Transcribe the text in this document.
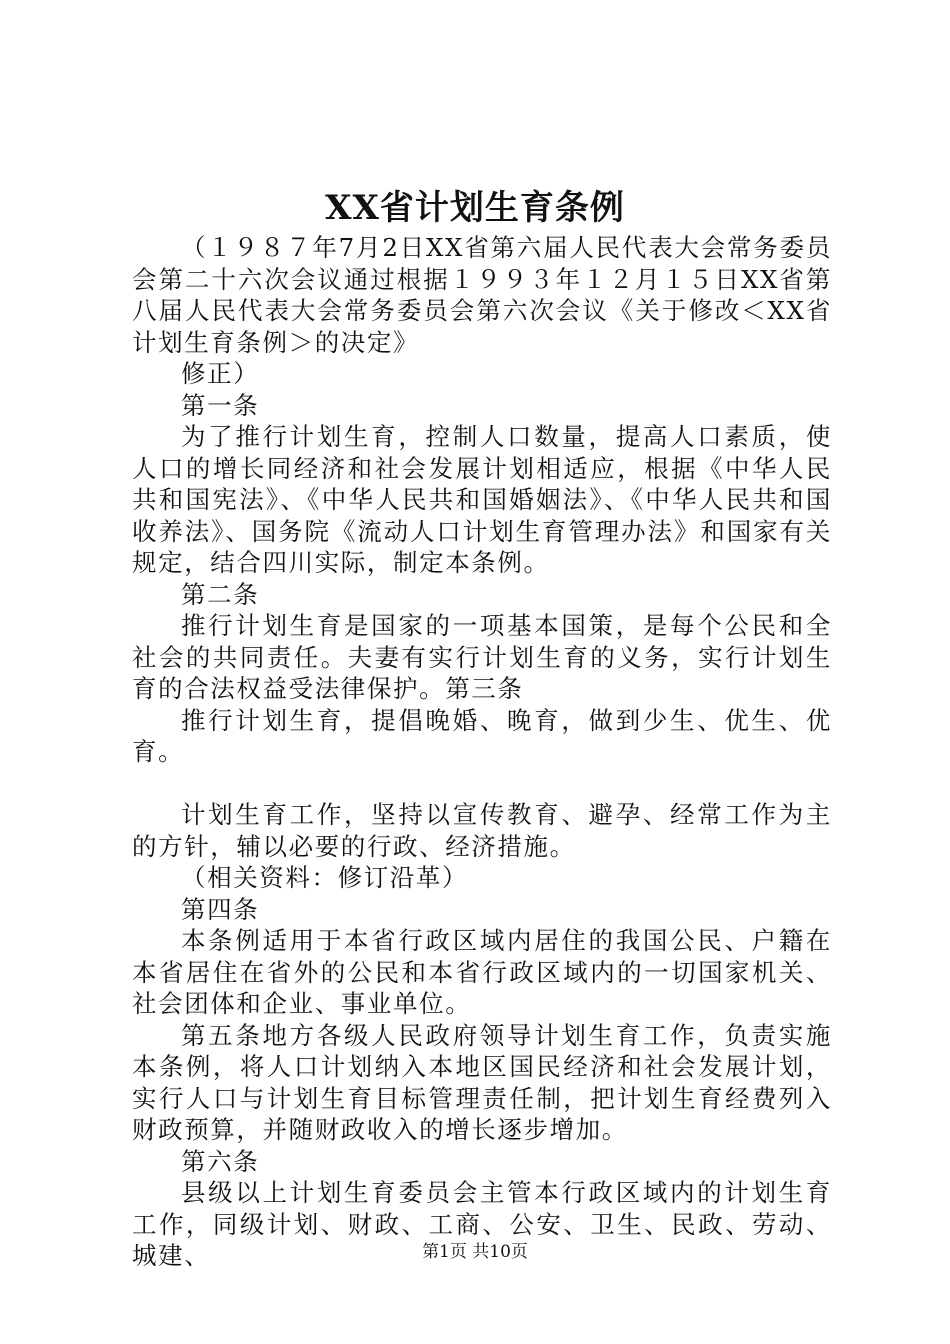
XX省计划生育条例

（１９８７年7月2日XX省第六届人民代表大会常务委员会第二十六次会议通过根据１９９３年１２月１５日XX省第八届人民代表大会常务委员会第六次会议《关于修改＜XX省计划生育条例＞的决定》

修正）

第一条

为了推行计划生育，控制人口数量，提高人口素质，使人口的增长同经济和社会发展计划相适应，根据《中华人民共和国宪法》、《中华人民共和国婚姻法》、《中华人民共和国收养法》、国务院《流动人口计划生育管理办法》和国家有关规定，结合四川实际，制定本条例。

第二条

推行计划生育是国家的一项基本国策，是每个公民和全社会的共同责任。夫妻有实行计划生育的义务，实行计划生育的合法权益受法律保护。第三条

推行计划生育，提倡晚婚、晚育，做到少生、优生、优育。

计划生育工作，坚持以宣传教育、避孕、经常工作为主的方针，辅以必要的行政、经济措施。

（相关资料：修订沿革）

第四条

本条例适用于本省行政区域内居住的我国公民、户籍在本省居住在省外的公民和本省行政区域内的一切国家机关、社会团体和企业、事业单位。

第五条地方各级人民政府领导计划生育工作，负责实施本条例，将人口计划纳入本地区国民经济和社会发展计划，实行人口与计划生育目标管理责任制，把计划生育经费列入财政预算，并随财政收入的增长逐步增加。

第六条

县级以上计划生育委员会主管本行政区域内的计划生育工作，同级计划、财政、工商、公安、卫生、民政、劳动、城建、	第1页 共10页
